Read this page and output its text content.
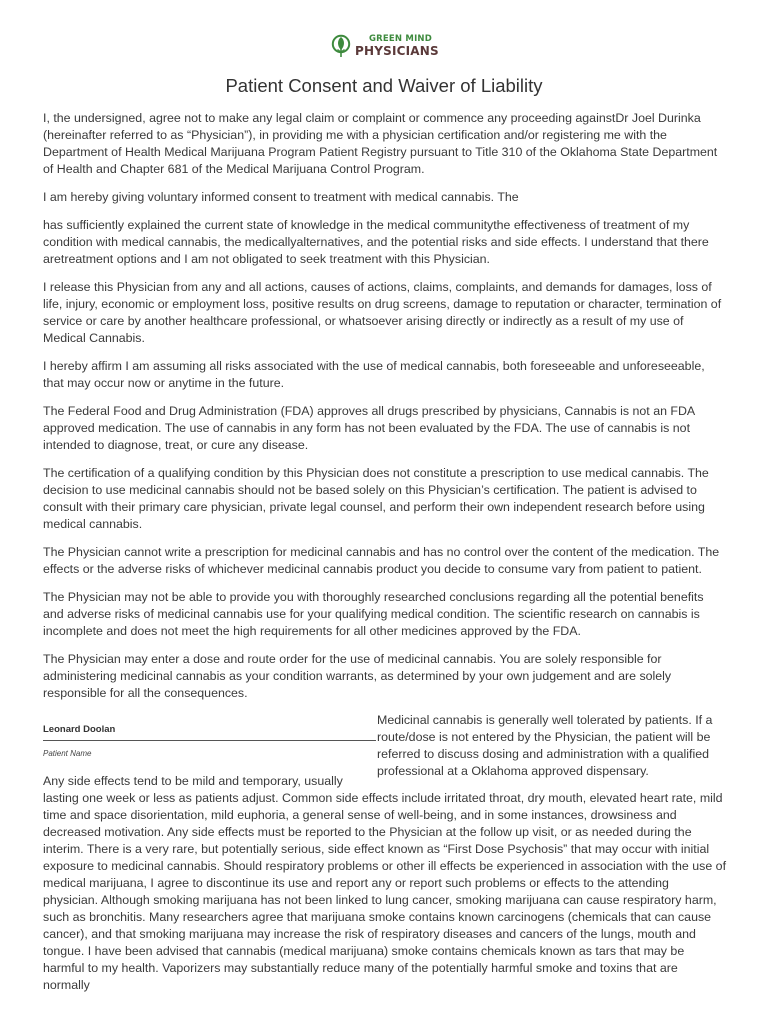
GREEN MIND
PHYSICIANS
Patient Consent and Waiver of Liability

I, the undersigned, agree not to make any legal claim or complaint or commence any proceeding againstDr Joel Durinka (hereinafter referred to as “Physician”), in providing me with a physician certification and/or registering me with the Department of Health Medical Marijuana Program Patient Registry pursuant to Title 310 of the Oklahoma State Department of Health and Chapter 681 of the Medical Marijuana Control Program.

I am hereby giving voluntary informed consent to treatment with medical cannabis. The

has sufficiently explained the current state of knowledge in the medical communitythe effectiveness of treatment of my condition with medical cannabis, the medicallyalternatives, and the potential risks and side effects. I understand that there aretreatment options and I am not obligated to seek treatment with this Physician.

I release this Physician from any and all actions, causes of actions, claims, complaints, and demands for damages, loss of life, injury, economic or employment loss, positive results on drug screens, damage to reputation or character, termination of service or care by another healthcare professional, or whatsoever arising directly or indirectly as a result of my use of Medical Cannabis.

I hereby affirm I am assuming all risks associated with the use of medical cannabis, both foreseeable and unforeseeable, that may occur now or anytime in the future.

The Federal Food and Drug Administration (FDA) approves all drugs prescribed by physicians, Cannabis is not an FDA approved medication. The use of cannabis in any form has not been evaluated by the FDA. The use of cannabis is not intended to diagnose, treat, or cure any disease.

The certification of a qualifying condition by this Physician does not constitute a prescription to use medical cannabis. The decision to use medicinal cannabis should not be based solely on this Physician’s certification. The patient is advised to consult with their primary care physician, private legal counsel, and perform their own independent research before using medical cannabis.

The Physician cannot write a prescription for medicinal cannabis and has no control over the content of the medication. The effects or the adverse risks of whichever medicinal cannabis product you decide to consume vary from patient to patient.

The Physician may not be able to provide you with thoroughly researched conclusions regarding all the potential benefits and adverse risks of medicinal cannabis use for your qualifying medical condition. The scientific research on cannabis is incomplete and does not meet the high requirements for all other medicines approved by the FDA.

The Physician may enter a dose and route order for the use of medicinal cannabis. You are solely responsible for administering medicinal cannabis as your condition warrants, as determined by your own judgement and are solely responsible for all the consequences.

Medicinal cannabis is generally well tolerated by patients. If a route/dose is not entered by the Physician, the patient will be referred to discuss dosing and administration with a qualified professional at a Oklahoma approved dispensary.
Leonard Doolan
Patient Name

Any side effects tend to be mild and temporary, usually lasting one week or less as patients adjust. Common side effects include irritated throat, dry mouth, elevated heart rate, mild time and space disorientation, mild euphoria, a general sense of well-being, and in some instances, drowsiness and decreased motivation. Any side effects must be reported to the Physician at the follow up visit, or as needed during the interim. There is a very rare, but potentially serious, side effect known as “First Dose Psychosis” that may occur with initial exposure to medicinal cannabis. Should respiratory problems or other ill effects be experienced in association with the use of medical marijuana, I agree to discontinue its use and report any or report such problems or effects to the attending physician. Although smoking marijuana has not been linked to lung cancer, smoking marijuana can cause respiratory harm, such as bronchitis. Many researchers agree that marijuana smoke contains known carcinogens (chemicals that can cause cancer), and that smoking marijuana may increase the risk of respiratory diseases and cancers of the lungs, mouth and tongue. I have been advised that cannabis (medical marijuana) smoke contains chemicals known as tars that may be harmful to my health. Vaporizers may substantially reduce many of the potentially harmful smoke and toxins that are normally
